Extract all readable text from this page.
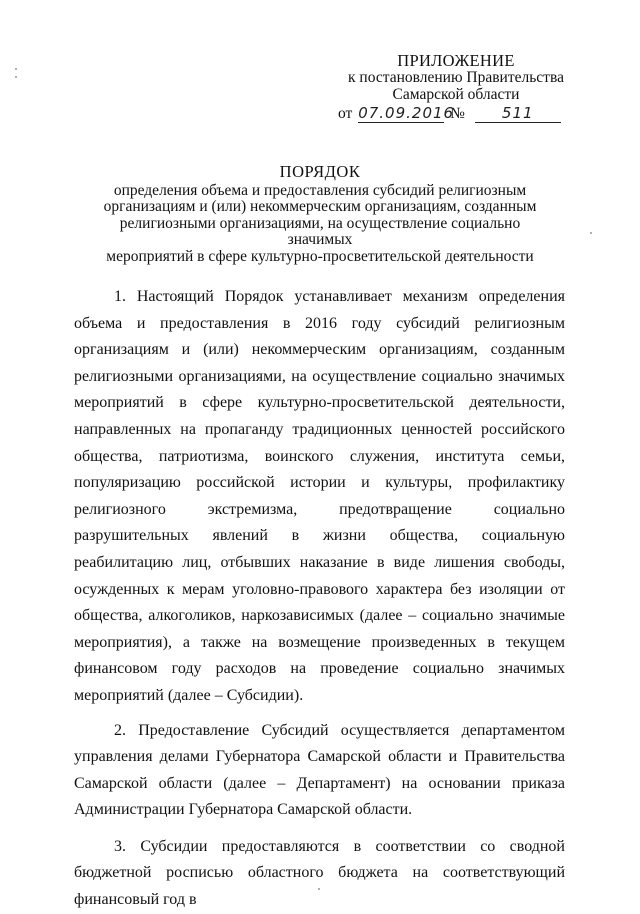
ПРИЛОЖЕНИЕ
к постановлению Правительства
Самарской области
от 07.09.2016 № 511
ПОРЯДОК
определения объема и предоставления субсидий религиозным
организациям и (или) некоммерческим организациям, созданным
религиозными организациями, на осуществление социально значимых
мероприятий в сфере культурно-просветительской деятельности

1. Настоящий Порядок устанавливает механизм определения объема и предоставления в 2016 году субсидий религиозным организациям и (или) некоммерческим организациям, созданным религиозными организациями, на осуществление социально значимых мероприятий в сфере культурно-просветительской деятельности, направленных на пропаганду традиционных ценностей российского общества, патриотизма, воинского служения, института семьи, популяризацию российской истории и культуры, профилактику религиозного экстремизма, предотвращение социально разрушительных явлений в жизни общества, социальную реабилитацию лиц, отбывших наказание в виде лишения свободы, осужденных к мерам уголовно-правового характера без изоляции от общества, алкоголиков, наркозависимых (далее – социально значимые мероприятия), а также на возмещение произведенных в текущем финансовом году расходов на проведение социально значимых мероприятий (далее – Субсидии).

2. Предоставление Субсидий осуществляется департаментом управления делами Губернатора Самарской области и Правительства Самарской области (далее – Департамент) на основании приказа Администрации Губернатора Самарской области.

3. Субсидии предоставляются в соответствии со сводной бюджетной росписью областного бюджета на соответствующий финансовый год в
